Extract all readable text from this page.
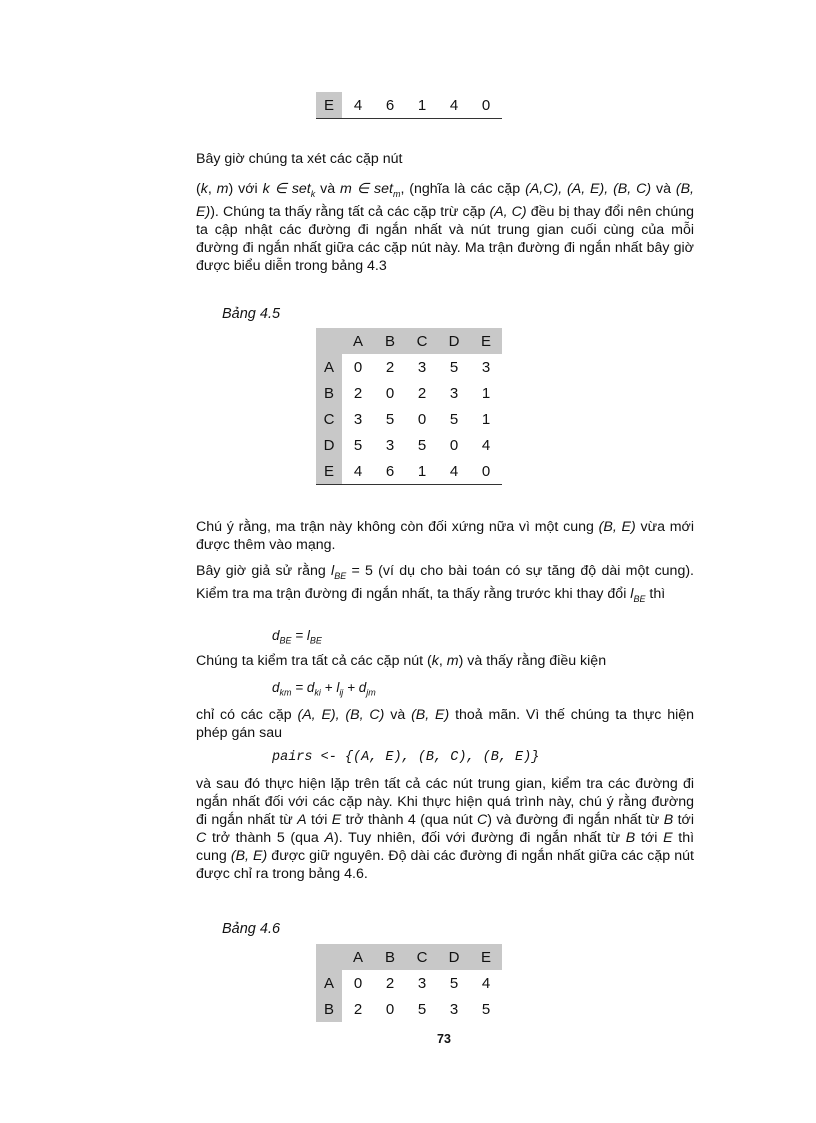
E	4	6	1	4	0
Bây giờ chúng ta xét các cặp nút
(k, m) với k ∈ set$_k$ và m ∈ set$_m$, (nghĩa là các cặp (A,C), (A, E), (B, C) và (B, E)). Chúng ta thấy rằng tất cả các cặp trừ cặp (A, C) đều bị thay đổi nên chúng ta cập nhật các đường đi ngắn nhất và nút trung gian cuối cùng của mỗi đường đi ngắn nhất giữa các cặp nút này. Ma trận đường đi ngắn nhất bây giờ được biểu diễn trong bảng 4.3
Bảng 4.5
	A	B	C	D	E
A	0	2	3	5	3
B	2	0	2	3	1
C	3	5	0	5	1
D	5	3	5	0	4
E	4	6	1	4	0
Chú ý rằng, ma trận này không còn đối xứng nữa vì một cung (B, E) vừa mới được thêm vào mạng.
Bây giờ giả sử rằng $l_{BE} = 5$ (ví dụ cho bài toán có sự tăng độ dài một cung). Kiểm tra ma trận đường đi ngắn nhất, ta thấy rằng trước khi thay đổi $l_{BE}$ thì
$d_{BE} = l_{BE}$
Chúng ta kiểm tra tất cả các cặp nút (k, m) và thấy rằng điều kiện
$d_{km} = d_{ki} + l_{ij} + d_{jm}$
chỉ có các cặp (A, E), (B, C) và (B, E) thoả mãn. Vì thế chúng ta thực hiện phép gán sau
pairs <- {(A, E), (B, C), (B, E)}
và sau đó thực hiện lặp trên tất cả các nút trung gian, kiểm tra các đường đi ngắn nhất đối với các cặp này. Khi thực hiện quá trình này, chú ý rằng đường đi ngắn nhất từ A tới E trở thành 4 (qua nút C) và đường đi ngắn nhất từ B tới C trở thành 5 (qua A). Tuy nhiên, đối với đường đi ngắn nhất từ B tới E thì cung (B, E) được giữ nguyên. Độ dài các đường đi ngắn nhất giữa các cặp nút được chỉ ra trong bảng 4.6.
Bảng 4.6
	A	B	C	D	E
A	0	2	3	5	4
B	2	0	5	3	5
73
